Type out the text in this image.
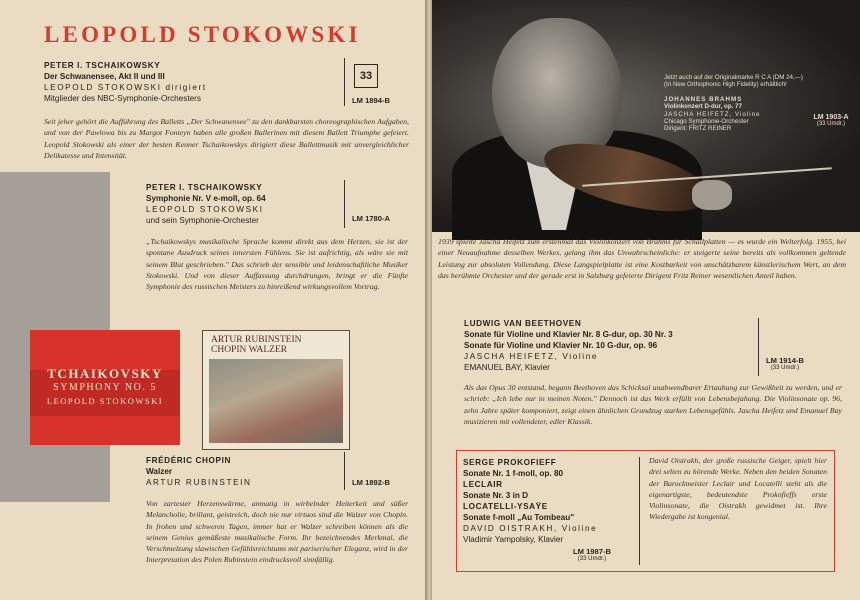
LEOPOLD STOKOWSKI
PETER I. TSCHAIKOWSKY
Der Schwanensee, Akt II und III
LEOPOLD STOKOWSKI dirigiert
Mitglieder des NBC-Symphonie-Orchesters
33
LM 1894-B
Seit jeher gehört die Aufführung des Balletts „Der Schwanensee" zu den dankbarsten choreographischen Aufgaben, und von der Pawlowa bis zu Margot Fonteyn haben alle großen Ballerinen mit diesem Ballett Triumphe gefeiert. Leopold Stokowski als einer der besten Kenner Tschaikowskys dirigiert diese Ballettmusik mit unvergleichlicher Delikatesse und Intensität.
PETER I. TSCHAIKOWSKY
Symphonie Nr. V e-moll, op. 64
LEOPOLD STOKOWSKI
und sein Symphonie-Orchester	LM 1780-A
„Tschaikowskys musikalische Sprache kommt direkt aus dem Herzen, sie ist der spontane Ausdruck seines innersten Fühlens. Sie ist aufrichtig, als wäre sie mit seinem Blut geschrieben." Das schrieb der sensible und leidenschaftliche Musiker Stokowski. Und von dieser Auffassung durchdrungen, bringt er die Fünfte Symphonie des russischen Meisters zu hinreißend wirkungsvollem Vortrag.
TCHAIKOVSKY
SYMPHONY NO. 5
LEOPOLD STOKOWSKI
ARTUR RUBINSTEIN
CHOPIN WALZER
FRÉDÉRIC CHOPIN
Walzer
ARTUR RUBINSTEIN	LM 1892-B
Von zartester Herzenswärme, anmutig in wirbelnder Heiterkeit und süßer Melancholie, brillant, geistreich, doch nie nur virtuos sind die Walzer von Chopin. In frohen und schweren Tagen, immer hat er Walzer schreiben können als die seinem Genius gemäßeste musikalische Form. Ihr bezeichnendes Merkmal, die Verschmelzung slawischen Gefühlsreichtums mit pariserischer Eleganz, wird in der Interpretation des Polen Rubinstein eindrucksvoll sinnfällig.
Jetzt auch auf der Originalmarke R C A (DM 24,—)
(In New Orthophonic High Fidelity) erhältlich!
JOHANNES BRAHMS
Violinkonzert D-dur, op. 77
JASCHA HEIFETZ, Violine
Chicago Symphonie-Orchester
Dirigent: FRITZ REINER
LM 1903-A
(33 Umdr.)
1939 spielte Jascha Heifetz zum erstenmal das Violinkonzert von Brahms für Schallplatten — es wurde ein Welterfolg. 1955, bei einer Neuaufnahme desselben Werkes, gelang ihm das Unwahrscheinliche: er steigerte seine bereits als vollkommen geltende Leistung zur absoluten Vollendung. Diese Langspielplatte ist eine Kostbarkeit von unschätzbarem künstlerischem Wert, an dem das berühmte Orchester und der gerade erst in Salzburg gefeierte Dirigent Fritz Reiner wesentlichen Anteil haben.
LUDWIG VAN BEETHOVEN
Sonate für Violine und Klavier Nr. 8 G-dur, op. 30 Nr. 3
Sonate für Violine und Klavier Nr. 10 G-dur, op. 96
JASCHA HEIFETZ, Violine
EMANUEL BAY, Klavier
LM 1914-B
(33 Umdr.)
Als das Opus 30 entstand, begann Beethoven das Schicksal unabwendbarer Ertaubung zur Gewißheit zu werden, und er schrieb: „Ich lebe nur in meinen Noten." Dennoch ist das Werk erfüllt von Lebensbejahung. Die Violinsonate op. 96, zehn Jahre später komponiert, zeigt einen ähnlichen Grundzug starken Lebensgefühls. Jascha Heifetz und Emanuel Bay musizieren mit vollendeter, edler Klassik.
SERGE PROKOFIEFF
Sonate Nr. 1 f-moll, op. 80
LECLAIR
Sonate Nr. 3 in D
LOCATELLI-YSAŸE
Sonate f-moll „Au Tombeau"
DAVID OISTRAKH, Violine
Vladimir Yampolsky, Klavier
LM 1987-B
(33 Umdr.)
David Oistrakh, der große russische Geiger, spielt hier drei selten zu hörende Werke. Neben den beiden Sonaten der Barockmeister Leclair und Locatelli steht als die eigenartigste, bedeutendste Prokofieffs erste Violinsonate, die Oistrakh gewidmet ist. Ihre Wiedergabe ist kongenial.
